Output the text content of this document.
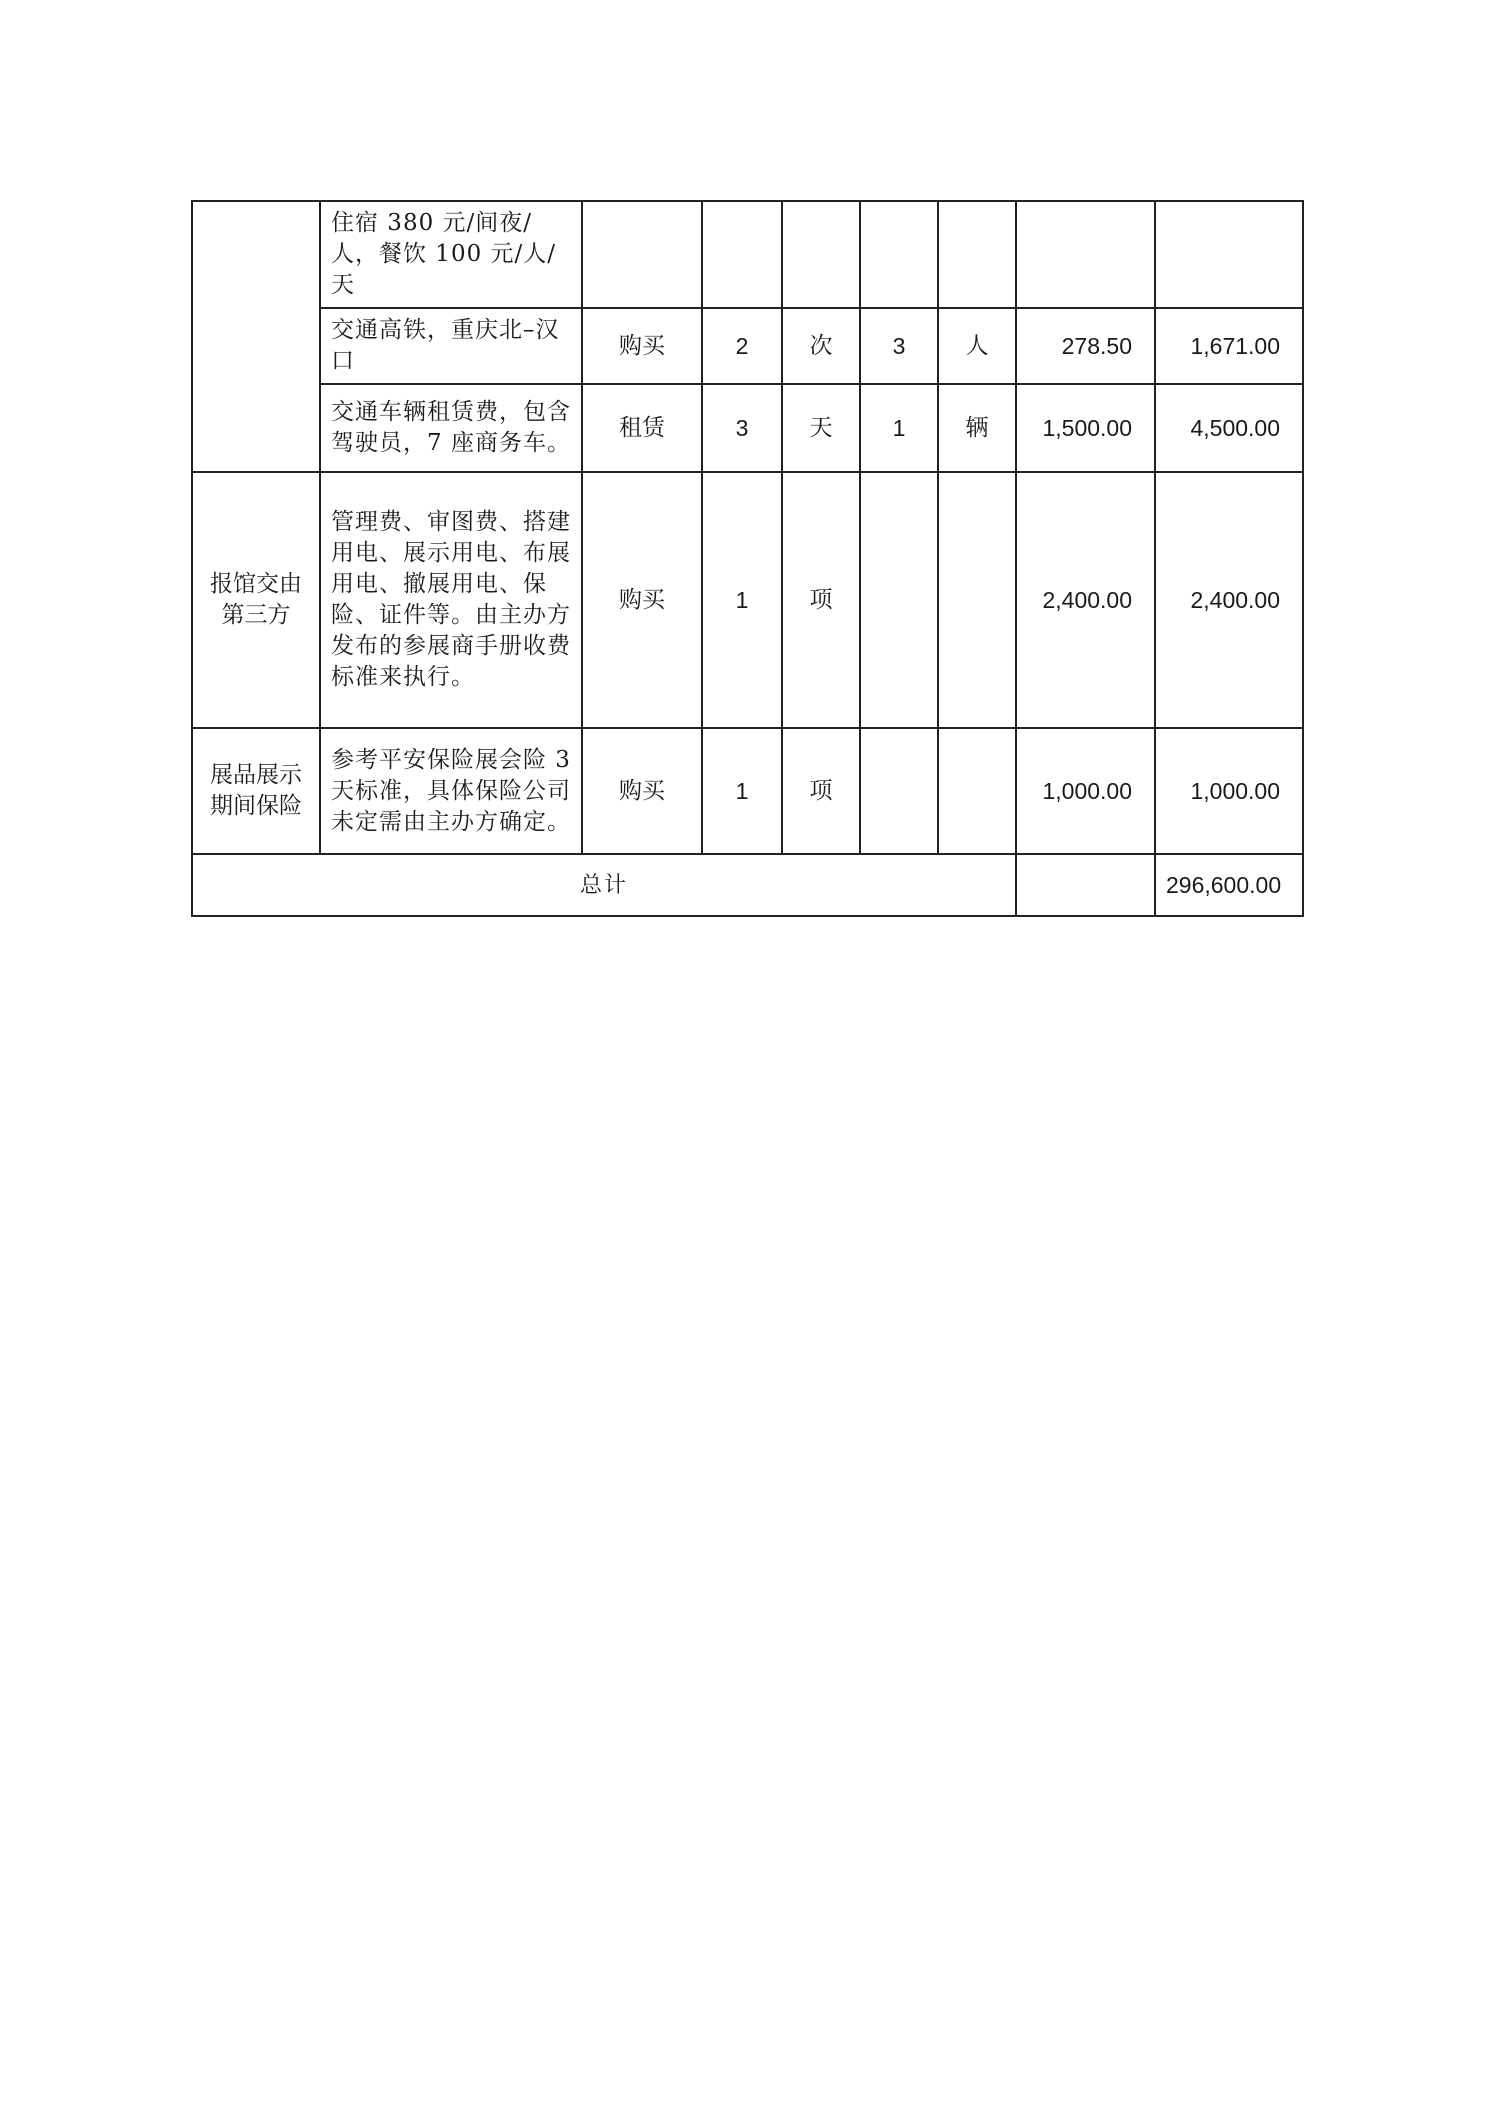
	住宿 380 元/间夜/人，餐饮 100 元/人/天							
	交通高铁，重庆北–汉口	购买	2	次	3	人	278.50	1,671.00
	交通车辆租赁费，包含驾驶员，7 座商务车。	租赁	3	天	1	辆	1,500.00	4,500.00
报馆交由第三方	管理费、审图费、搭建用电、展示用电、布展用电、撤展用电、保险、证件等。由主办方发布的参展商手册收费标准来执行。	购买	1	项			2,400.00	2,400.00
展品展示期间保险	参考平安保险展会险 3 天标准，具体保险公司未定需由主办方确定。	购买	1	项			1,000.00	1,000.00
总计								296,600.00
